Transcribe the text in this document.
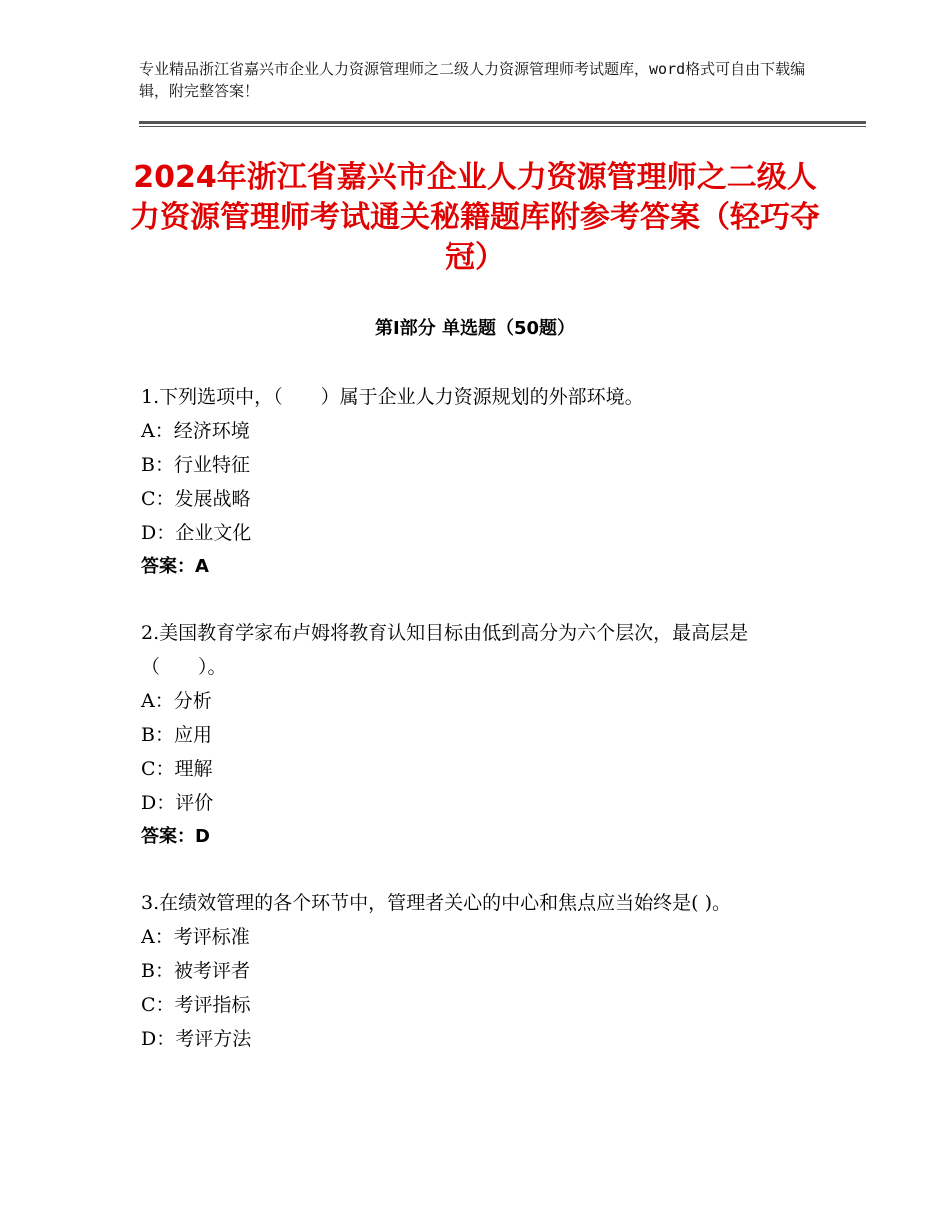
专业精品浙江省嘉兴市企业人力资源管理师之二级人力资源管理师考试题库，word格式可自由下载编辑，附完整答案！
2024年浙江省嘉兴市企业人力资源管理师之二级人力资源管理师考试通关秘籍题库附参考答案（轻巧夺冠）
第Ⅰ部分 单选题（50题）
1.下列选项中，（　　）属于企业人力资源规划的外部环境。
A：经济环境
B：行业特征
C：发展战略
D：企业文化
答案：A
2.美国教育学家布卢姆将教育认知目标由低到高分为六个层次，最高层是（　　）。
A：分析
B：应用
C：理解
D：评价
答案：D
3.在绩效管理的各个环节中，管理者关心的中心和焦点应当始终是( )。
A：考评标准
B：被考评者
C：考评指标
D：考评方法
